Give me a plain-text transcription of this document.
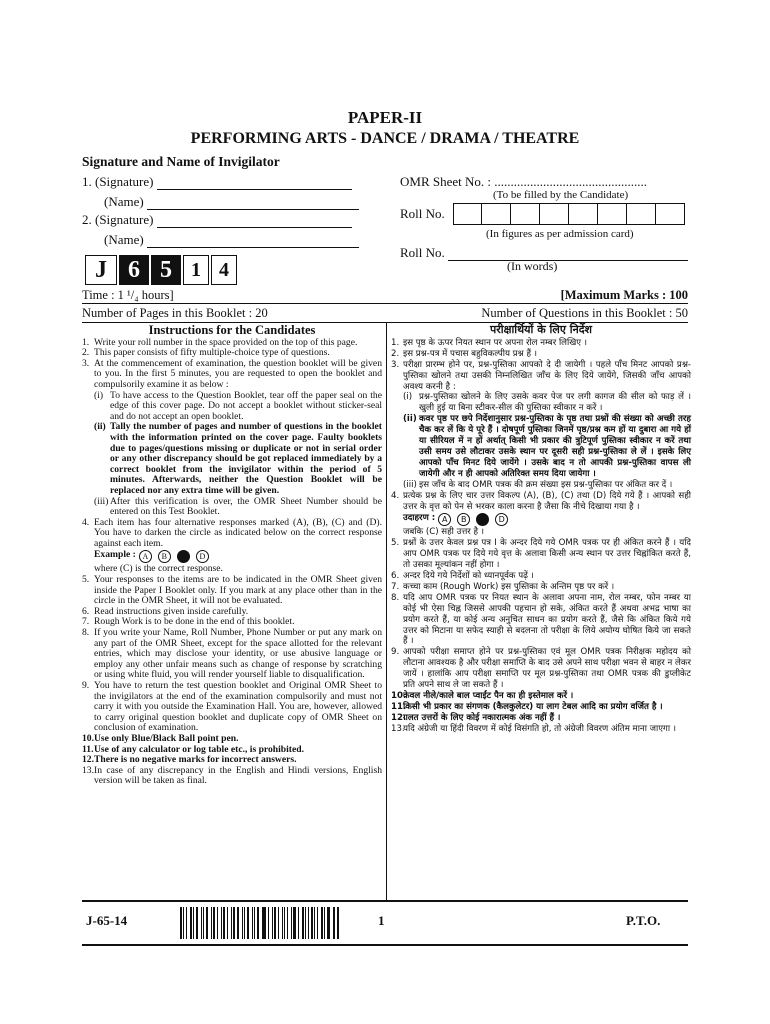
PAPER-II
PERFORMING ARTS - DANCE / DRAMA / THEATRE
Signature and Name of Invigilator
1. (Signature)
(Name)
2. (Signature)
(Name)
OMR Sheet No. : ...............................................
(To be filled by the Candidate)
Roll No.
(In figures as per admission card)
Roll No.
(In words)
J 6 5 1 4
Time : 1 ¹/₄ hours]	[Maximum Marks : 100
Number of Pages in this Booklet : 20	Number of Questions in this Booklet : 50
Instructions for the Candidates
1. Write your roll number in the space provided on the top of this page.
2. This paper consists of fifty multiple-choice type of questions.
3. At the commencement of examination, the question booklet will be given to you. In the first 5 minutes, you are requested to open the booklet and compulsorily examine it as below :
(i) To have access to the Question Booklet, tear off the paper seal on the edge of this cover page. Do not accept a booklet without sticker-seal and do not accept an open booklet.
(ii) Tally the number of pages and number of questions in the booklet with the information printed on the cover page. Faulty booklets due to pages/questions missing or duplicate or not in serial order or any other discrepancy should be got replaced immediately by a correct booklet from the invigilator within the period of 5 minutes. Afterwards, neither the Question Booklet will be replaced nor any extra time will be given.
(iii) After this verification is over, the OMR Sheet Number should be entered on this Test Booklet.
4. Each item has four alternative responses marked (A), (B), (C) and (D). You have to darken the circle as indicated below on the correct response against each item.
Example : A	B	D
where (C) is the correct response.
5. Your responses to the items are to be indicated in the OMR Sheet given inside the Paper I Booklet only. If you mark at any place other than in the circle in the OMR Sheet, it will not be evaluated.
6. Read instructions given inside carefully.
7. Rough Work is to be done in the end of this booklet.
8. If you write your Name, Roll Number, Phone Number or put any mark on any part of the OMR Sheet, except for the space allotted for the relevant entries, which may disclose your identity, or use abusive language or employ any other unfair means such as change of response by scratching or using white fluid, you will render yourself liable to disqualification.
9. You have to return the test question booklet and Original OMR Sheet to the invigilators at the end of the examination compulsorily and must not carry it with you outside the Examination Hall. You are, however, allowed to carry original question booklet and duplicate copy of OMR Sheet on conclusion of examination.
10. Use only Blue/Black Ball point pen.
11. Use of any calculator or log table etc., is prohibited.
12. There is no negative marks for incorrect answers.
13. In case of any discrepancy in the English and Hindi versions, English version will be taken as final.
परीक्षार्थियों के लिए निर्देश
1. इस पृष्ठ के ऊपर नियत स्थान पर अपना रोल नम्बर लिखिए ।
2. इस प्रश्न-पत्र में पचास बहुविकल्पीय प्रश्न हैं ।
3. परीक्षा प्रारम्भ होने पर, प्रश्न-पुस्तिका आपको दे दी जायेगी । पहले पाँच मिनट आपको प्रश्न-पुस्तिका खोलने तथा उसकी निम्नलिखित जाँच के लिए दिये जायेंगे, जिसकी जाँच आपको अवश्य करनी है :
(i) प्रश्न-पुस्तिका खोलने के लिए उसके कवर पेज पर लगी कागज की सील को फाड़ लें । खुली हुई या बिना स्टीकर-सील की पुस्तिका स्वीकार न करें ।
(ii) कवर पृष्ठ पर छपे निर्देशानुसार प्रश्न-पुस्तिका के पृष्ठ तथा प्रश्नों की संख्या को अच्छी तरह चैक कर लें कि ये पूरे हैं । दोषपूर्ण पुस्तिका जिनमें पृष्ठ/प्रश्न कम हों या दुबारा आ गये हों या सीरियल में न हों अर्थात् किसी भी प्रकार की त्रुटिपूर्ण पुस्तिका स्वीकार न करें तथा उसी समय उसे लौटाकर उसके स्थान पर दूसरी सही प्रश्न-पुस्तिका ले लें । इसके लिए आपको पाँच मिनट दिये जायेंगे । उसके बाद न तो आपकी प्रश्न-पुस्तिका वापस ली जायेगी और न ही आपको अतिरिक्त समय दिया जायेगा ।
(iii) इस जाँच के बाद OMR पत्रक की क्रम संख्या इस प्रश्न-पुस्तिका पर अंकित कर दें ।
4. प्रत्येक प्रश्न के लिए चार उत्तर विकल्प (A), (B), (C) तथा (D) दिये गये हैं । आपको सही उत्तर के वृत्त को पेन से भरकर काला करना है जैसा कि नीचे दिखाया गया है ।
उदाहरण : A	B	D
जबकि (C) सही उत्तर है ।
5. प्रश्नों के उत्तर केवल प्रश्न पत्र I के अन्दर दिये गये OMR पत्रक पर ही अंकित करने हैं । यदि आप OMR पत्रक पर दिये गये वृत्त के अलावा किसी अन्य स्थान पर उत्तर चिह्नांकित करते हैं, तो उसका मूल्यांकन नहीं होगा ।
6. अन्दर दिये गये निर्देशों को ध्यानपूर्वक पढ़ें ।
7. कच्चा काम (Rough Work) इस पुस्तिका के अन्तिम पृष्ठ पर करें ।
8. यदि आप OMR पत्रक पर नियत स्थान के अलावा अपना नाम, रोल नम्बर, फोन नम्बर या कोई भी ऐसा चिह्न जिससे आपकी पहचान हो सके, अंकित करते हैं अथवा अभद्र भाषा का प्रयोग करते हैं, या कोई अन्य अनुचित साधन का प्रयोग करते हैं, जैसे कि अंकित किये गये उत्तर को मिटाना या सफेद स्याही से बदलना तो परीक्षा के लिये अयोग्य घोषित किये जा सकते हैं ।
9. आपको परीक्षा समाप्त होने पर प्रश्न-पुस्तिका एवं मूल OMR पत्रक निरीक्षक महोदय को लौटाना आवश्यक है और परीक्षा समाप्ति के बाद उसे अपने साथ परीक्षा भवन से बाहर न लेकर जायें । हालांकि आप परीक्षा समाप्ति पर मूल प्रश्न-पुस्तिका तथा OMR पत्रक की डुप्लीकेट प्रति अपने साथ ले जा सकते हैं ।
10.
केवल नीले/काले बाल प्वाईंट पैन का ही इस्तेमाल करें ।
11.
किसी भी प्रकार का संगणक (कैलकुलेटर) या लाग टेबल आदि का प्रयोग वर्जित है ।
12.
गलत उत्तरों के लिए कोई नकारात्मक अंक नहीं हैं ।
13.
यदि अंग्रेजी या हिंदी विवरण में कोई विसंगति हो, तो अंग्रेजी विवरण अंतिम माना जाएगा ।
J-65-14	1	P.T.O.
